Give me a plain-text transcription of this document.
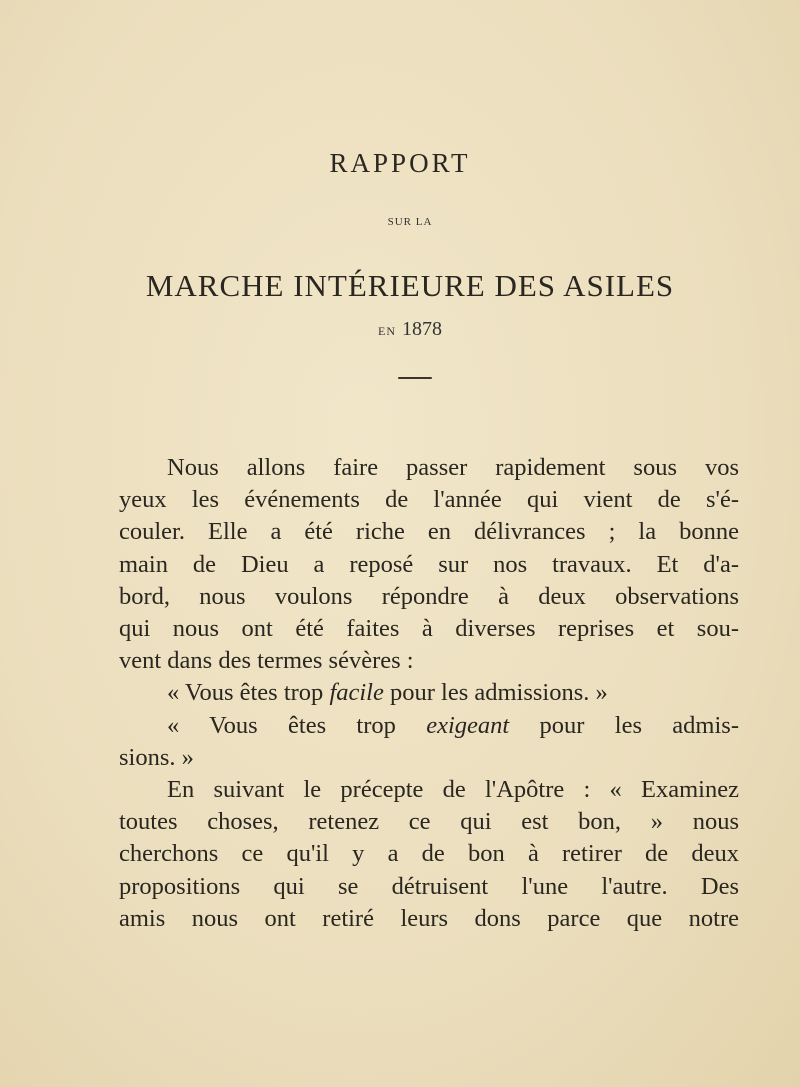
RAPPORT
SUR LA
MARCHE INTÉRIEURE DES ASILES
EN 1878
Nous allons faire passer rapidement sous vos
yeux les événements de l'année qui vient de s'é-
couler. Elle a été riche en délivrances ; la bonne
main de Dieu a reposé sur nos travaux. Et d'a-
bord, nous voulons répondre à deux observations
qui nous ont été faites à diverses reprises et sou-
vent dans des termes sévères :
« Vous êtes trop facile pour les admissions. »
« Vous êtes trop exigeant pour les admis-
sions. »
En suivant le précepte de l'Apôtre : « Examinez
toutes choses, retenez ce qui est bon, » nous
cherchons ce qu'il y a de bon à retirer de deux
propositions qui se détruisent l'une l'autre. Des
amis nous ont retiré leurs dons parce que notre
